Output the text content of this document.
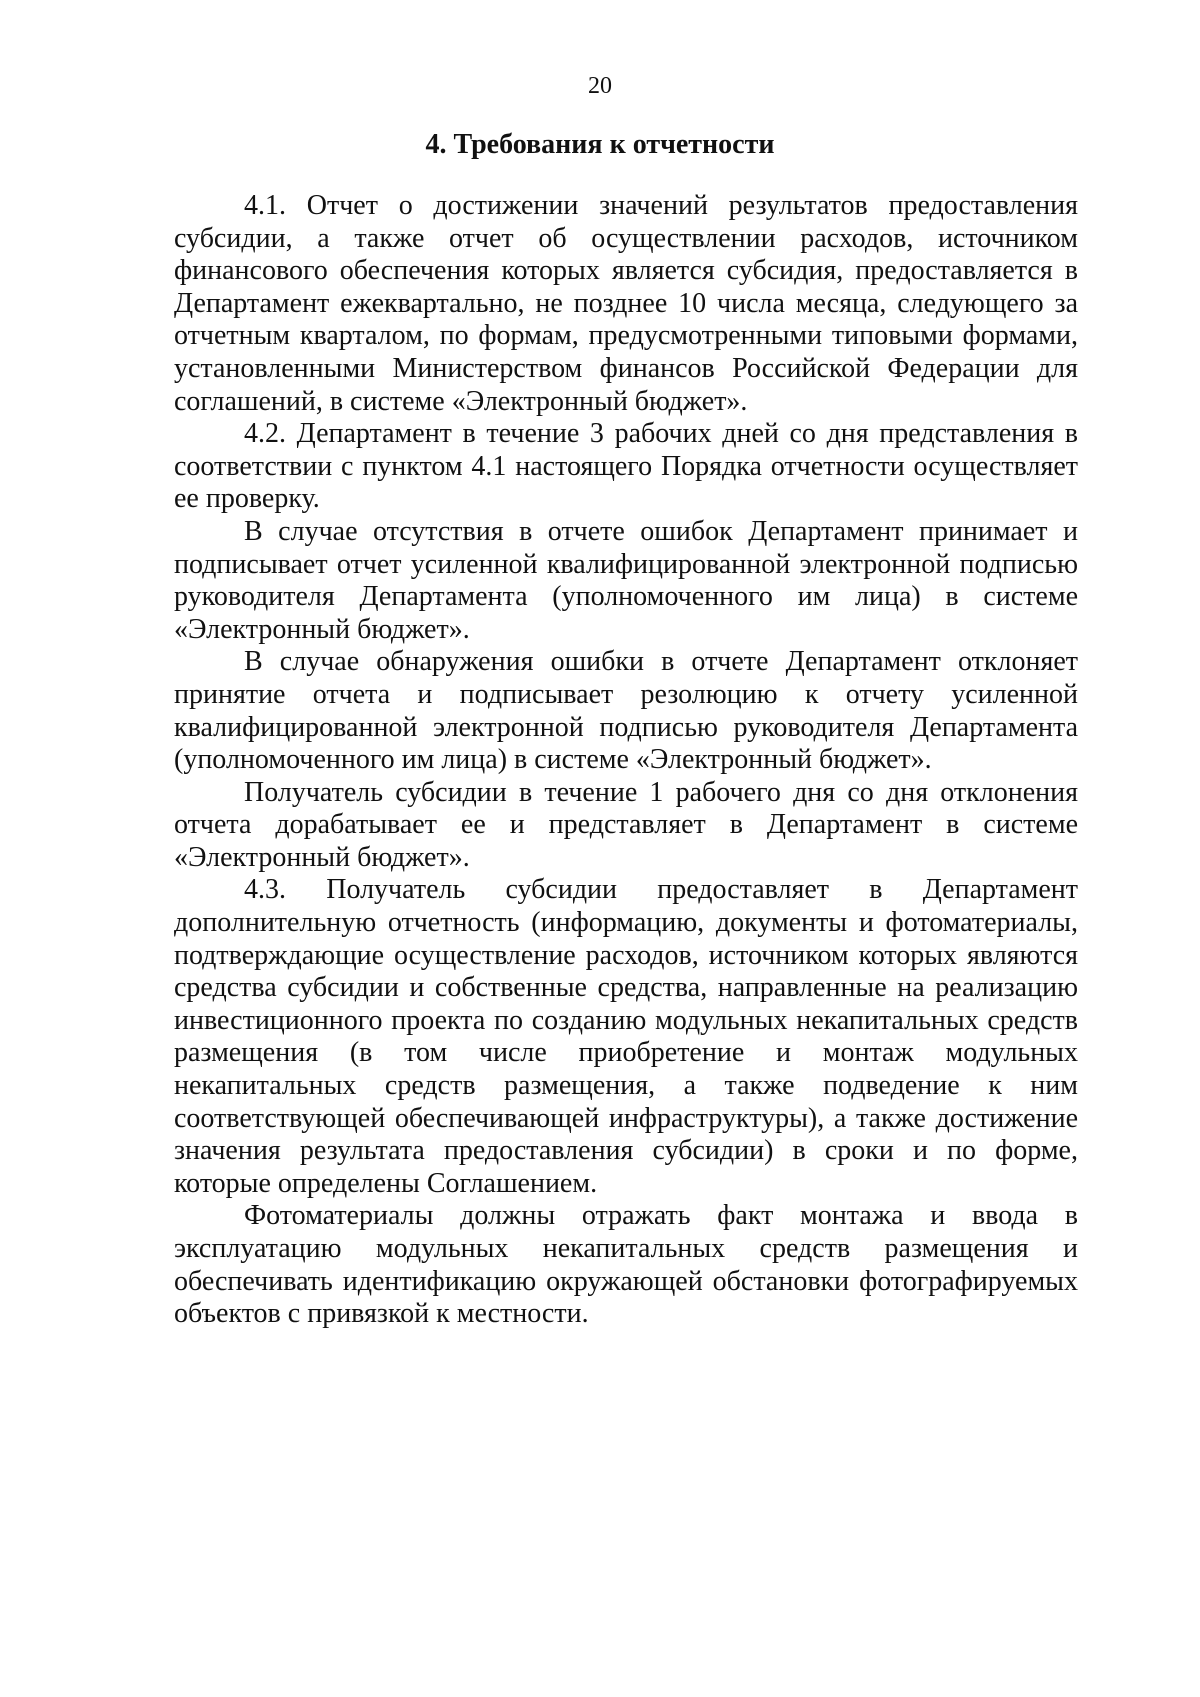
20
4. Требования к отчетности

4.1. Отчет о достижении значений результатов предоставления субсидии, а также отчет об осуществлении расходов, источником финансового обеспечения которых является субсидия, предоставляется в Департамент ежеквартально, не позднее 10 числа месяца, следующего за отчетным кварталом, по формам, предусмотренными типовыми формами, установленными Министерством финансов Российской Федерации для соглашений, в системе «Электронный бюджет».

4.2. Департамент в течение 3 рабочих дней со дня представления в соответствии с пунктом 4.1 настоящего Порядка отчетности осуществляет ее проверку.

В случае отсутствия в отчете ошибок Департамент принимает и подписывает отчет усиленной квалифицированной электронной подписью руководителя Департамента (уполномоченного им лица) в системе «Электронный бюджет».

В случае обнаружения ошибки в отчете Департамент отклоняет принятие отчета и подписывает резолюцию к отчету усиленной квалифицированной электронной подписью руководителя Департамента (уполномоченного им лица) в системе «Электронный бюджет».

Получатель субсидии в течение 1 рабочего дня со дня отклонения отчета дорабатывает ее и представляет в Департамент в системе «Электронный бюджет».

4.3. Получатель субсидии предоставляет в Департамент дополнительную отчетность (информацию, документы и фотоматериалы, подтверждающие осуществление расходов, источником которых являются средства субсидии и собственные средства, направленные на реализацию инвестиционного проекта по созданию модульных некапитальных средств размещения (в том числе приобретение и монтаж модульных некапитальных средств размещения, а также подведение к ним соответствующей обеспечивающей инфраструктуры), а также достижение значения результата предоставления субсидии) в сроки и по форме, которые определены Соглашением.

Фотоматериалы должны отражать факт монтажа и ввода в эксплуатацию модульных некапитальных средств размещения и обеспечивать идентификацию окружающей обстановки фотографируемых объектов с привязкой к местности.
